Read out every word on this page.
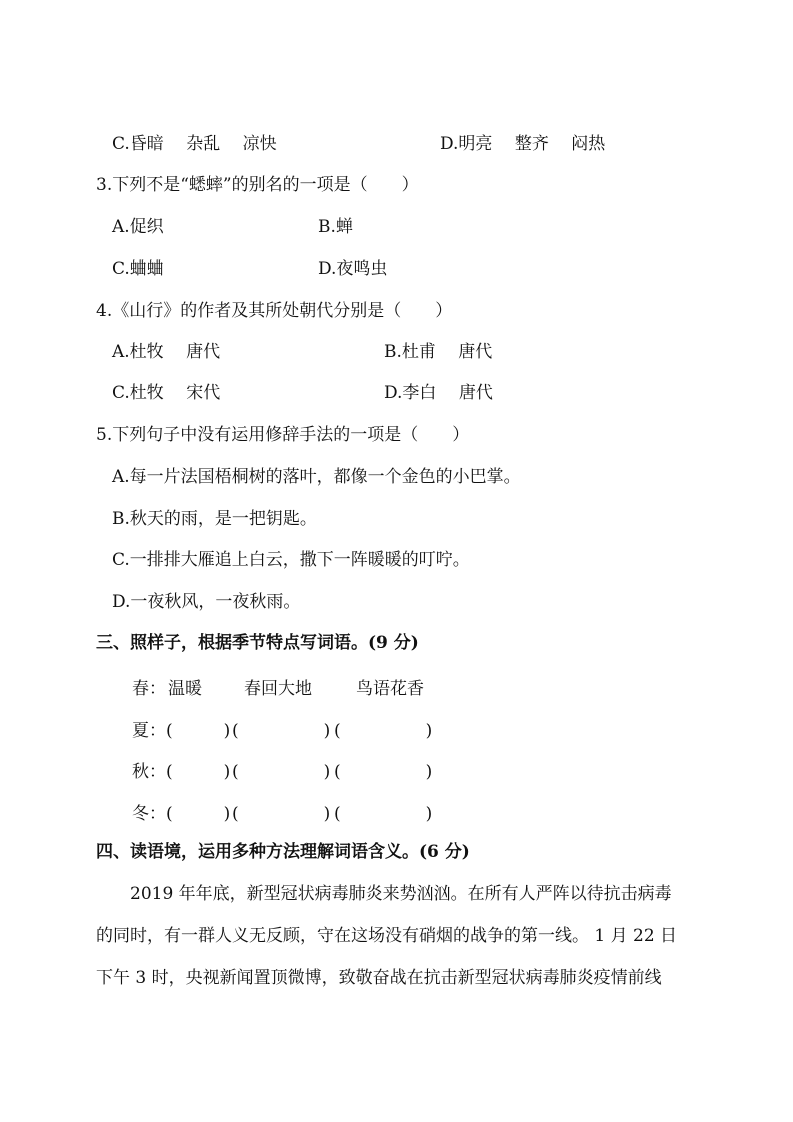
C.昏暗　 杂乱 　凉快	D.明亮 　整齐 　闷热
3.下列不是“蟋蟀”的别名的一项是（　　）
A.促织	B.蝉
C.蛐蛐	D.夜鸣虫
4.《山行》的作者及其所处朝代分别是（　　）
A.杜牧 　唐代	B.杜甫 　唐代
C.杜牧 　宋代	D.李白 　唐代
5.下列句子中没有运用修辞手法的一项是（　　）
A.每一片法国梧桐树的落叶，都像一个金色的小巴掌。
B.秋天的雨，是一把钥匙。
C.一排排大雁追上白云，撒下一阵暖暖的叮咛。
D.一夜秋风，一夜秋雨。
三、照样子，根据季节特点写词语。(9 分)
春： 温暖 春回大地	鸟语花香
夏： (　　　) (　　　　　) (　　　　　)
秋： (　　　) (　　　　　) (　　　　　)
冬： (　　　) (　　　　　) (　　　　　)
四、读语境，运用多种方法理解词语含义。(6 分)
2019 年年底，新型冠状病毒肺炎来势汹汹。在所有人严阵以待抗击病毒
的同时，有一群人义无反顾，守在这场没有硝烟的战争的第一线。 1 月 22 日
下午 3 时，央视新闻置顶微博，致敬奋战在抗击新型冠状病毒肺炎疫情前线
